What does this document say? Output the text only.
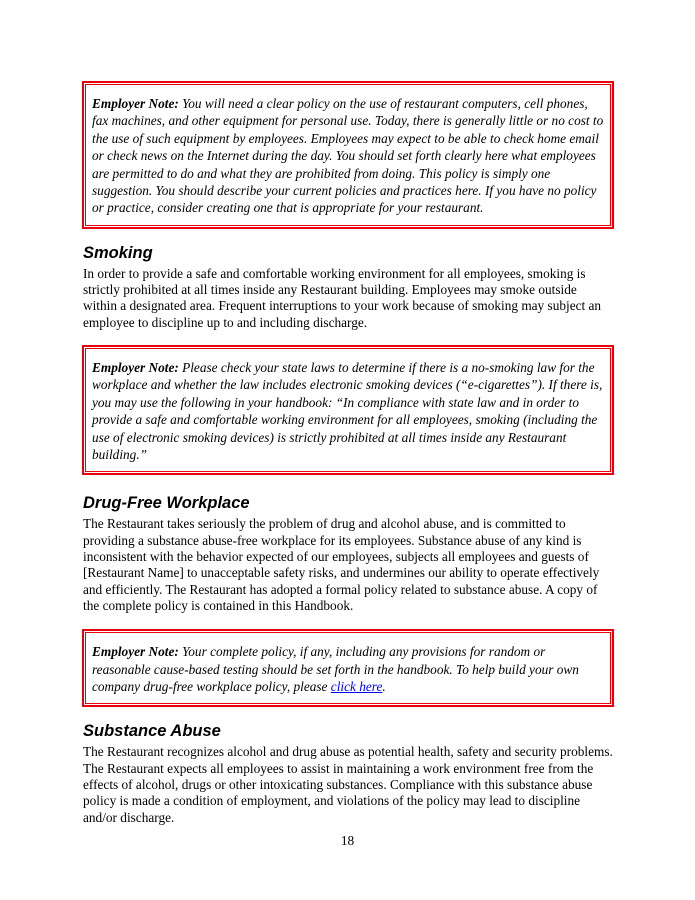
Employer Note: You will need a clear policy on the use of restaurant computers, cell phones, fax machines, and other equipment for personal use. Today, there is generally little or no cost to the use of such equipment by employees. Employees may expect to be able to check home email or check news on the Internet during the day. You should set forth clearly here what employees are permitted to do and what they are prohibited from doing. This policy is simply one suggestion. You should describe your current policies and practices here. If you have no policy or practice, consider creating one that is appropriate for your restaurant.
Smoking

In order to provide a safe and comfortable working environment for all employees, smoking is strictly prohibited at all times inside any Restaurant building. Employees may smoke outside within a designated area. Frequent interruptions to your work because of smoking may subject an employee to discipline up to and including discharge.

Employer Note: Please check your state laws to determine if there is a no-smoking law for the workplace and whether the law includes electronic smoking devices (“e-cigarettes”). If there is, you may use the following in your handbook: “In compliance with state law and in order to provide a safe and comfortable working environment for all employees, smoking (including the use of electronic smoking devices) is strictly prohibited at all times inside any Restaurant building.”
Drug-Free Workplace

The Restaurant takes seriously the problem of drug and alcohol abuse, and is committed to providing a substance abuse-free workplace for its employees. Substance abuse of any kind is inconsistent with the behavior expected of our employees, subjects all employees and guests of [Restaurant Name] to unacceptable safety risks, and undermines our ability to operate effectively and efficiently. The Restaurant has adopted a formal policy related to substance abuse. A copy of the complete policy is contained in this Handbook.

Employer Note: Your complete policy, if any, including any provisions for random or reasonable cause-based testing should be set forth in the handbook. To help build your own company drug-free workplace policy, please click here.
Substance Abuse

The Restaurant recognizes alcohol and drug abuse as potential health, safety and security problems. The Restaurant expects all employees to assist in maintaining a work environment free from the effects of alcohol, drugs or other intoxicating substances. Compliance with this substance abuse policy is made a condition of employment, and violations of the policy may lead to discipline and/or discharge.

18
